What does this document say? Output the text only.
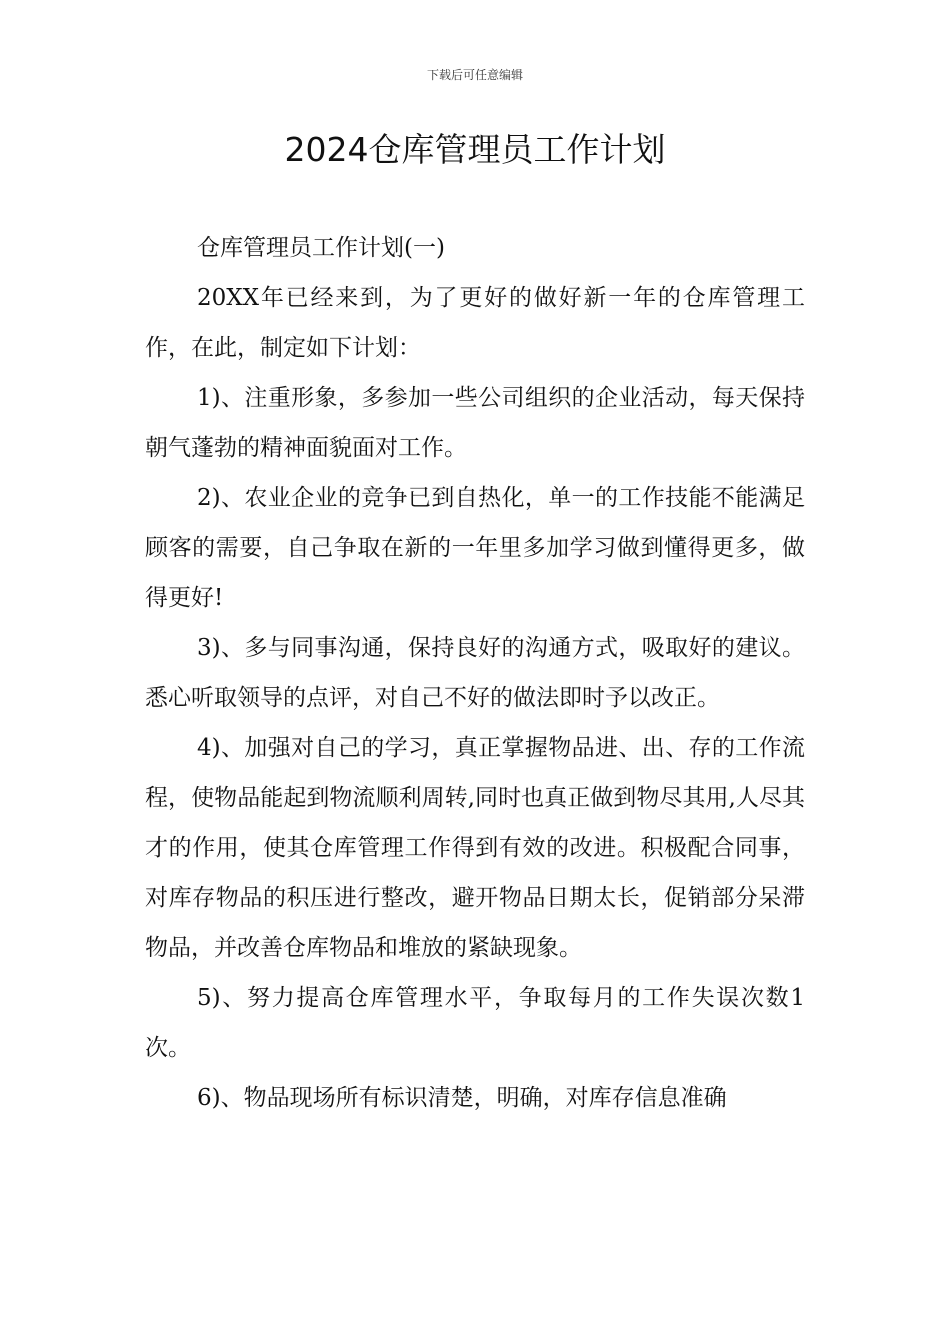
下载后可任意编辑
2024仓库管理员工作计划

仓库管理员工作计划(一)

20XX年已经来到，为了更好的做好新一年的仓库管理工作，在此，制定如下计划：

1)、注重形象，多参加一些公司组织的企业活动，每天保持朝气蓬勃的精神面貌面对工作。

2)、农业企业的竞争已到自热化，单一的工作技能不能满足顾客的需要，自己争取在新的一年里多加学习做到懂得更多，做得更好!

3)、多与同事沟通，保持良好的沟通方式，吸取好的建议。悉心听取领导的点评，对自己不好的做法即时予以改正。

4)、加强对自己的学习，真正掌握物品进、出、存的工作流程，使物品能起到物流顺利周转,同时也真正做到物尽其用,人尽其才的作用，使其仓库管理工作得到有效的改进。积极配合同事，对库存物品的积压进行整改，避开物品日期太长，促销部分呆滞物品，并改善仓库物品和堆放的紧缺现象。

5)、努力提高仓库管理水平，争取每月的工作失误次数1次。

6)、物品现场所有标识清楚，明确，对库存信息准确
